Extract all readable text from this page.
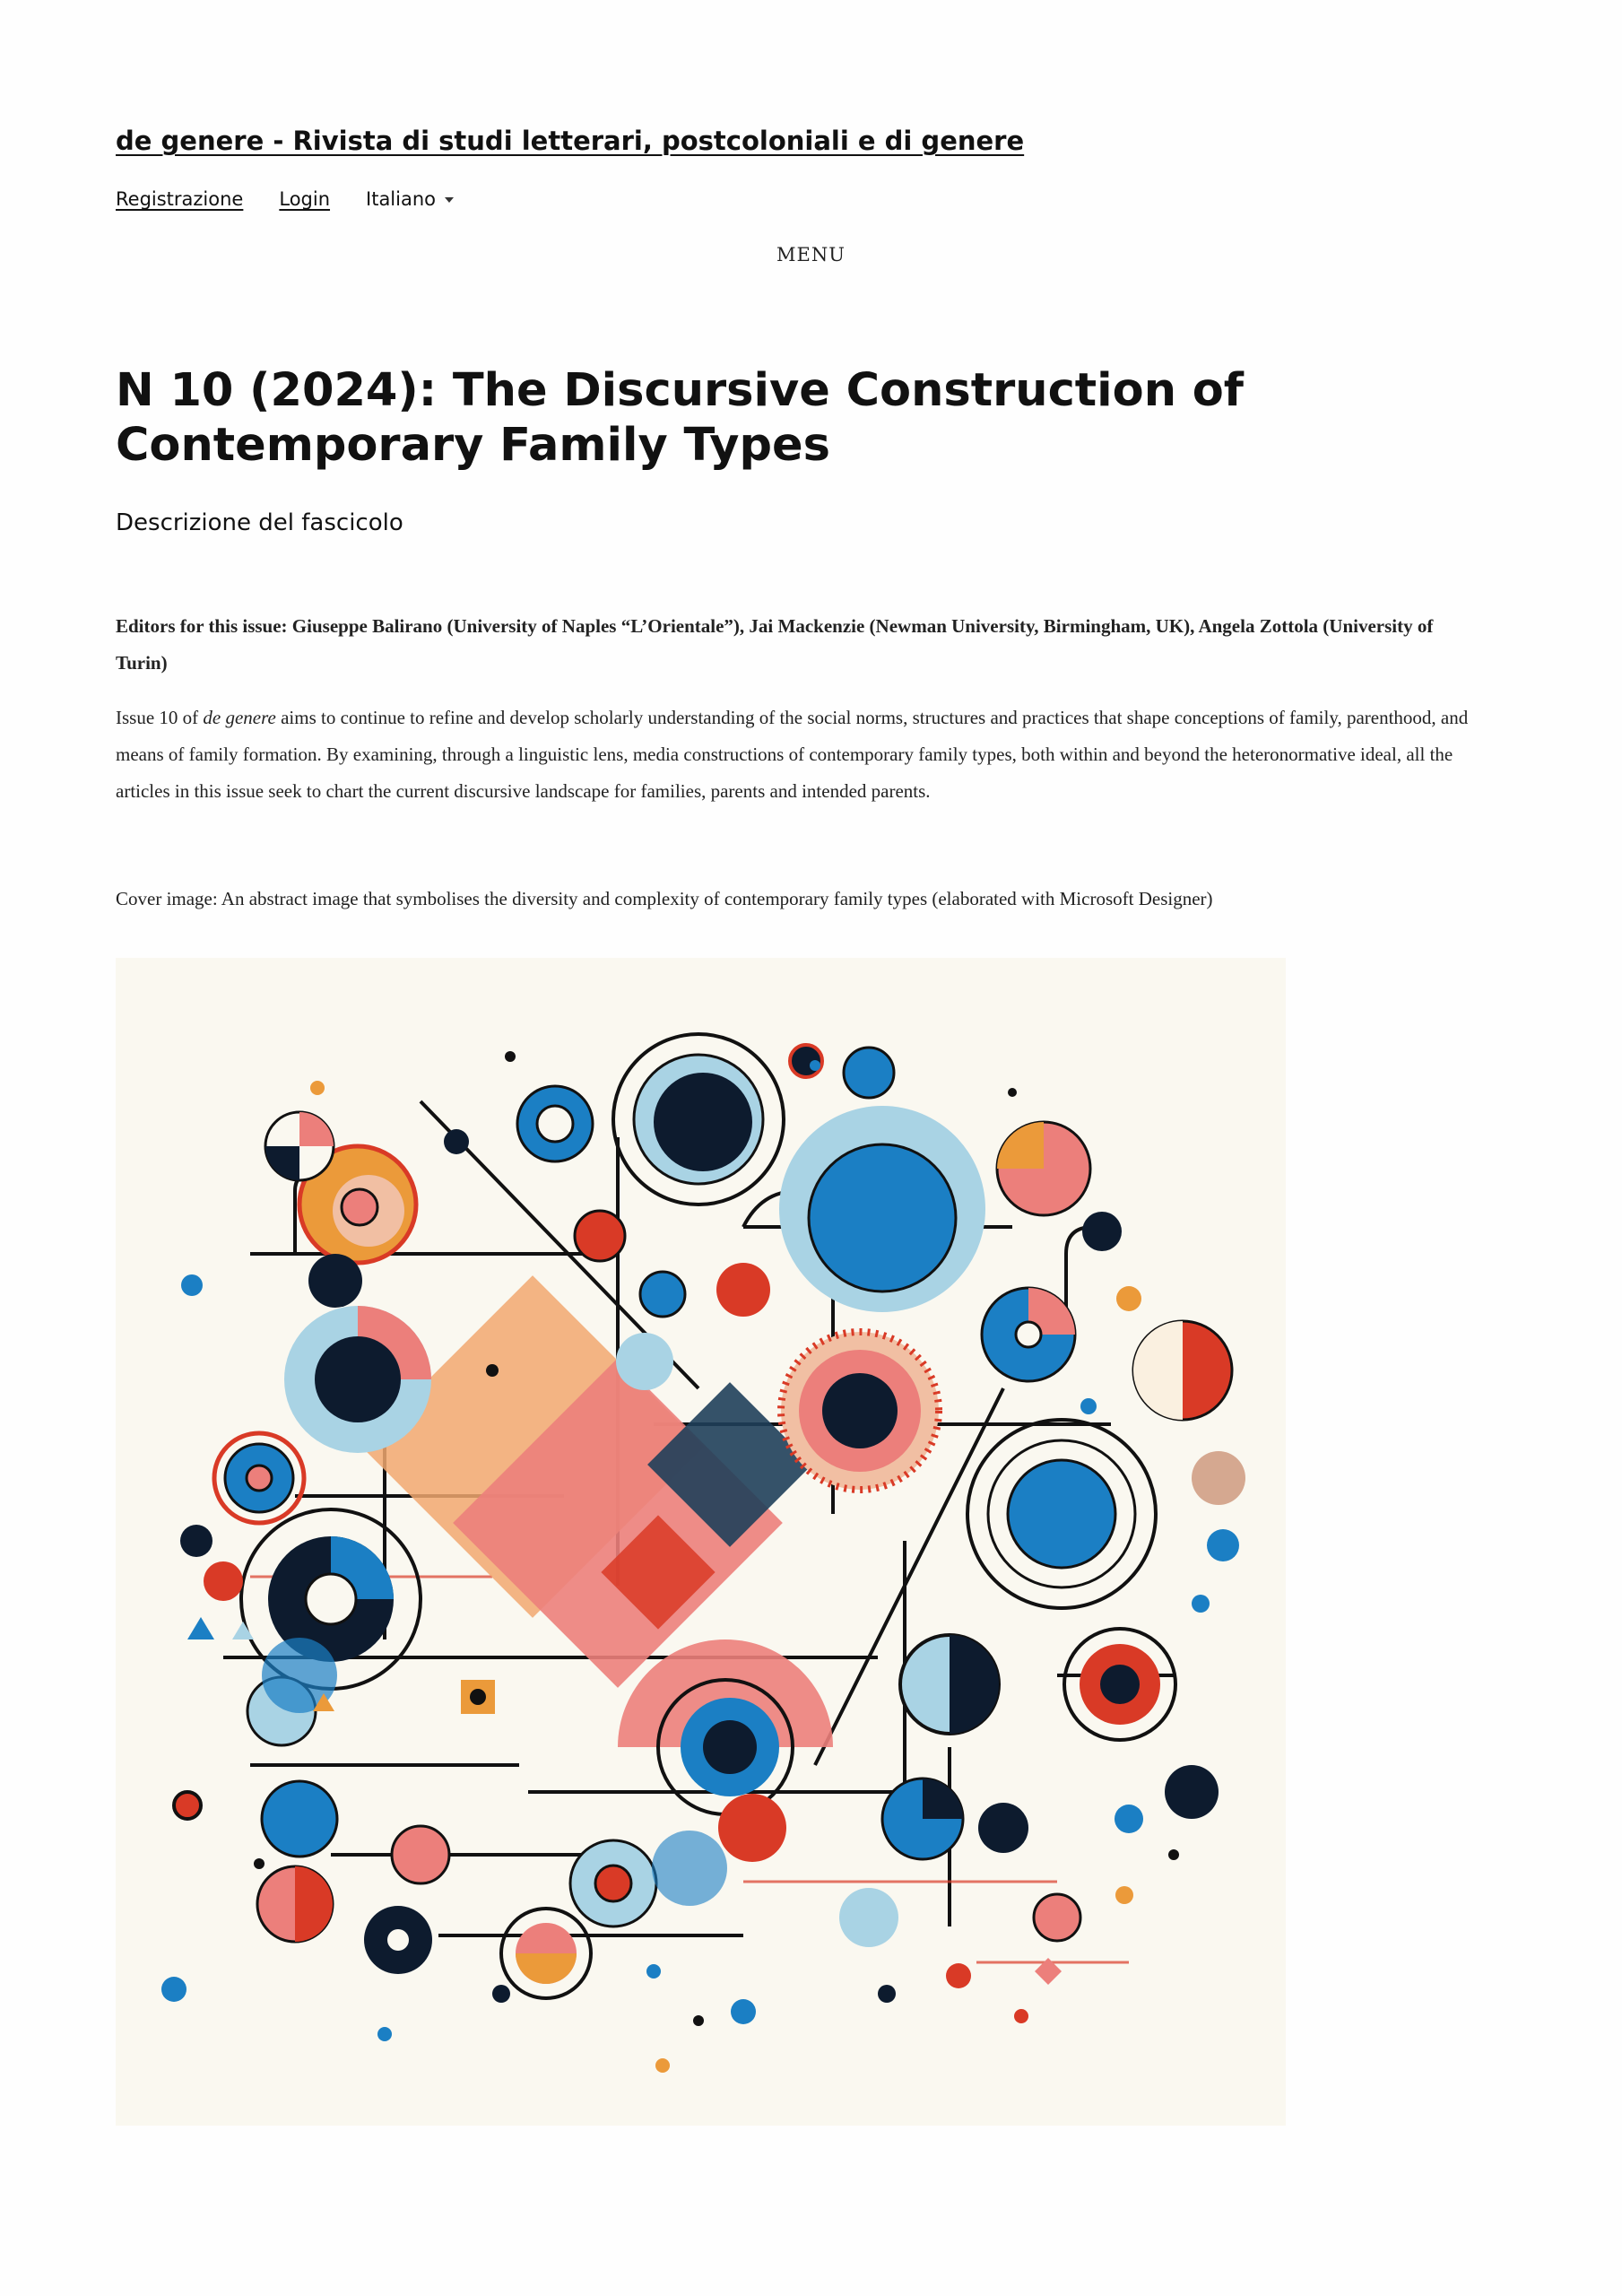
de genere - Rivista di studi letterari, postcoloniali e di genere
Registrazione Login Italiano
MENU
N 10 (2024): The Discursive Construction of Contemporary Family Types
Descrizione del fascicolo

Editors for this issue: Giuseppe Balirano (University of Naples “L’Orientale”), Jai Mackenzie (Newman University, Birmingham, UK), Angela Zottola (University of Turin)

Issue 10 of de genere aims to continue to refine and develop scholarly understanding of the social norms, structures and practices that shape conceptions of family, parenthood, and means of family formation. By examining, through a linguistic lens, media constructions of contemporary family types, both within and beyond the heteronormative ideal, all the articles in this issue seek to chart the current discursive landscape for families, parents and intended parents.

Cover image: An abstract image that symbolises the diversity and complexity of contemporary family types (elaborated with Microsoft Designer)
